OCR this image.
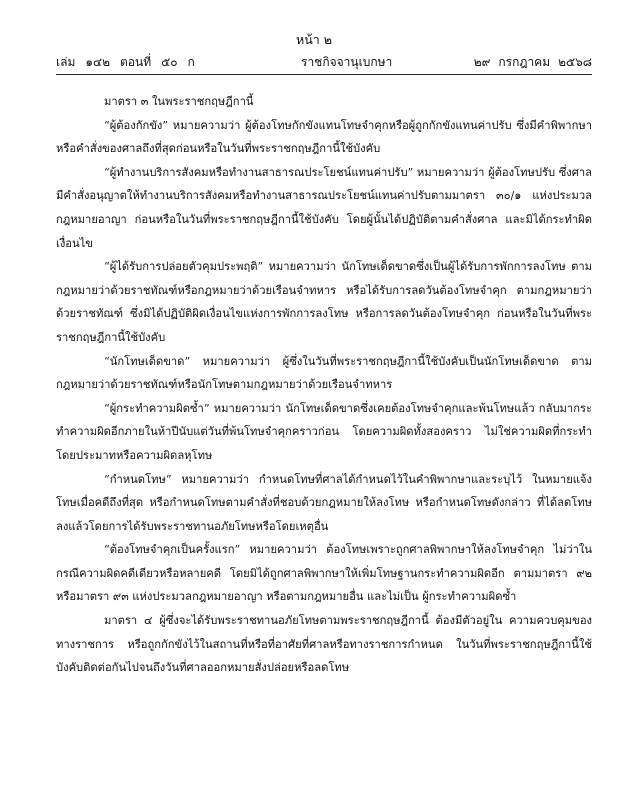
หน้า ๒

เล่ม ๑๔๒ ตอนที่ ๕๐ ก	ราชกิจจานุเบกษา	๒๙ กรกฎาคม ๒๕๖๘

มาตรา ๓ ในพระราชกฤษฎีกานี้

“ผู้ต้องกักขัง” หมายความว่า ผู้ต้องโทษกักขังแทนโทษจำคุกหรือผู้ถูกกักขังแทนค่าปรับ ซึ่งมีคำพิพากษาหรือคำสั่งของศาลถึงที่สุดก่อนหรือในวันที่พระราชกฤษฎีกานี้ใช้บังคับ

“ผู้ทำงานบริการสังคมหรือทำงานสาธารณประโยชน์แทนค่าปรับ” หมายความว่า ผู้ต้องโทษปรับ ซึ่งศาลมีคำสั่งอนุญาตให้ทำงานบริการสังคมหรือทำงานสาธารณประโยชน์แทนค่าปรับตามมาตรา ๓๐/๑ แห่งประมวลกฎหมายอาญา ก่อนหรือในวันที่พระราชกฤษฎีกานี้ใช้บังคับ โดยผู้นั้นได้ปฏิบัติตามคำสั่งศาล และมิได้กระทำผิดเงื่อนไข

“ผู้ได้รับการปล่อยตัวคุมประพฤติ” หมายความว่า นักโทษเด็ดขาดซึ่งเป็นผู้ได้รับการพักการลงโทษ ตามกฎหมายว่าด้วยราชทัณฑ์หรือกฎหมายว่าด้วยเรือนจำทหาร หรือได้รับการลดวันต้องโทษจำคุก ตามกฎหมายว่าด้วยราชทัณฑ์ ซึ่งมิได้ปฏิบัติผิดเงื่อนไขแห่งการพักการลงโทษ หรือการลดวันต้องโทษจำคุก ก่อนหรือในวันที่พระราชกฤษฎีกานี้ใช้บังคับ

“นักโทษเด็ดขาด” หมายความว่า ผู้ซึ่งในวันที่พระราชกฤษฎีกานี้ใช้บังคับเป็นนักโทษเด็ดขาด ตามกฎหมายว่าด้วยราชทัณฑ์หรือนักโทษตามกฎหมายว่าด้วยเรือนจำทหาร

“ผู้กระทำความผิดซ้ำ” หมายความว่า นักโทษเด็ดขาดซึ่งเคยต้องโทษจำคุกและพ้นโทษแล้ว กลับมากระทำความผิดอีกภายในห้าปีนับแต่วันที่พ้นโทษจำคุกคราวก่อน โดยความผิดทั้งสองคราว ไม่ใช่ความผิดที่กระทำโดยประมาทหรือความผิดลหุโทษ

“กำหนดโทษ” หมายความว่า กำหนดโทษที่ศาลได้กำหนดไว้ในคำพิพากษาและระบุไว้ ในหมายแจ้งโทษเมื่อคดีถึงที่สุด หรือกำหนดโทษตามคำสั่งที่ชอบด้วยกฎหมายให้ลงโทษ หรือกำหนดโทษดังกล่าว ที่ได้ลดโทษลงแล้วโดยการได้รับพระราชทานอภัยโทษหรือโดยเหตุอื่น

“ต้องโทษจำคุกเป็นครั้งแรก” หมายความว่า ต้องโทษเพราะถูกศาลพิพากษาให้ลงโทษจำคุก ไม่ว่าในกรณีความผิดคดีเดียวหรือหลายคดี โดยมิได้ถูกศาลพิพากษาให้เพิ่มโทษฐานกระทำความผิดอีก ตามมาตรา ๙๒ หรือมาตรา ๙๓ แห่งประมวลกฎหมายอาญา หรือตามกฎหมายอื่น และไม่เป็น ผู้กระทำความผิดซ้ำ

มาตรา ๔ ผู้ซึ่งจะได้รับพระราชทานอภัยโทษตามพระราชกฤษฎีกานี้ ต้องมีตัวอยู่ใน ความควบคุมของทางราชการ หรือถูกกักขังไว้ในสถานที่หรือที่อาศัยที่ศาลหรือทางราชการกำหนด ในวันที่พระราชกฤษฎีกานี้ใช้บังคับติดต่อกันไปจนถึงวันที่ศาลออกหมายสั่งปล่อยหรือลดโทษ
